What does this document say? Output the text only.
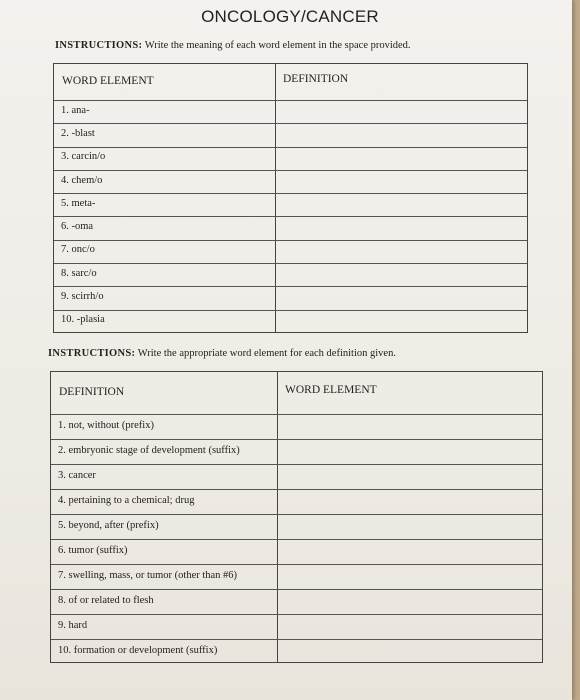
ONCOLOGY/CANCER
INSTRUCTIONS: Write the meaning of each word element in the space provided.
WORD ELEMENT	DEFINITION
1. ana-
2. -blast
3. carcin/o
4. chem/o
5. meta-
6. -oma
7. onc/o
8. sarc/o
9. scirrh/o
10. -plasia
INSTRUCTIONS: Write the appropriate word element for each definition given.
DEFINITION	WORD ELEMENT
1. not, without (prefix)
2. embryonic stage of development (suffix)
3. cancer
4. pertaining to a chemical; drug
5. beyond, after (prefix)
6. tumor (suffix)
7. swelling, mass, or tumor (other than #6)
8. of or related to flesh
9. hard
10. formation or development (suffix)
